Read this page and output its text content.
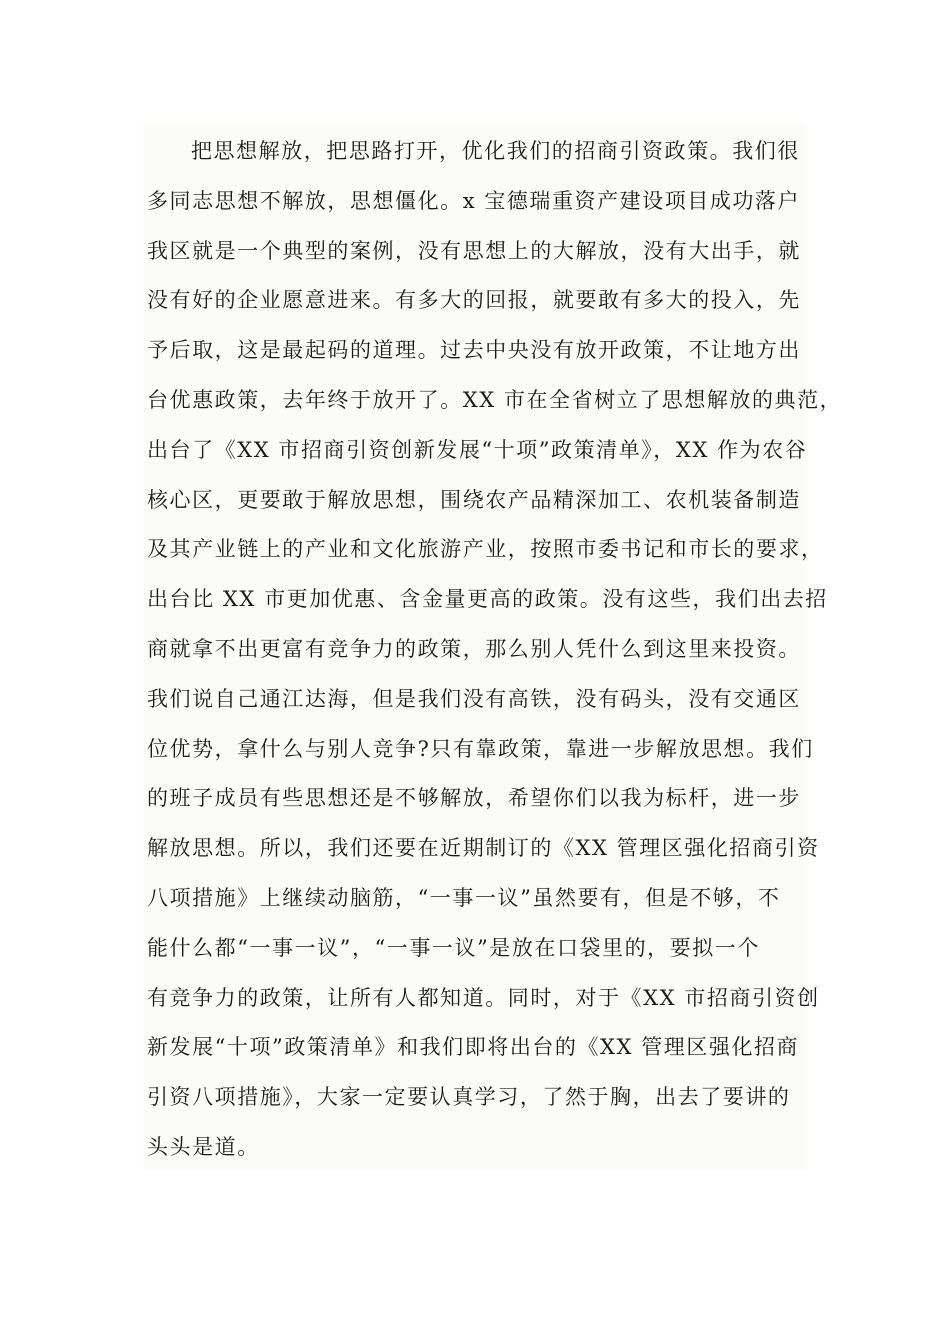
把思想解放，把思路打开，优化我们的招商引资政策。我们很
多同志思想不解放，思想僵化。x 宝德瑞重资产建设项目成功落户
我区就是一个典型的案例，没有思想上的大解放，没有大出手，就
没有好的企业愿意进来。有多大的回报，就要敢有多大的投入，先
予后取，这是最起码的道理。过去中央没有放开政策，不让地方出
台优惠政策，去年终于放开了。XX 市在全省树立了思想解放的典范，
出台了《XX 市招商引资创新发展“十项”政策清单》，XX 作为农谷
核心区，更要敢于解放思想，围绕农产品精深加工、农机装备制造
及其产业链上的产业和文化旅游产业，按照市委书记和市长的要求，
出台比 XX 市更加优惠、含金量更高的政策。没有这些，我们出去招
商就拿不出更富有竞争力的政策，那么别人凭什么到这里来投资。
我们说自己通江达海，但是我们没有高铁，没有码头，没有交通区
位优势，拿什么与别人竞争?只有靠政策，靠进一步解放思想。我们
的班子成员有些思想还是不够解放，希望你们以我为标杆，进一步
解放思想。所以，我们还要在近期制订的《XX 管理区强化招商引资
八项措施》上继续动脑筋，“一事一议”虽然要有，但是不够，不
能什么都“一事一议”，“一事一议”是放在口袋里的，要拟一个
有竞争力的政策，让所有人都知道。同时，对于《XX 市招商引资创
新发展“十项”政策清单》和我们即将出台的《XX 管理区强化招商
引资八项措施》，大家一定要认真学习，了然于胸，出去了要讲的
头头是道。
